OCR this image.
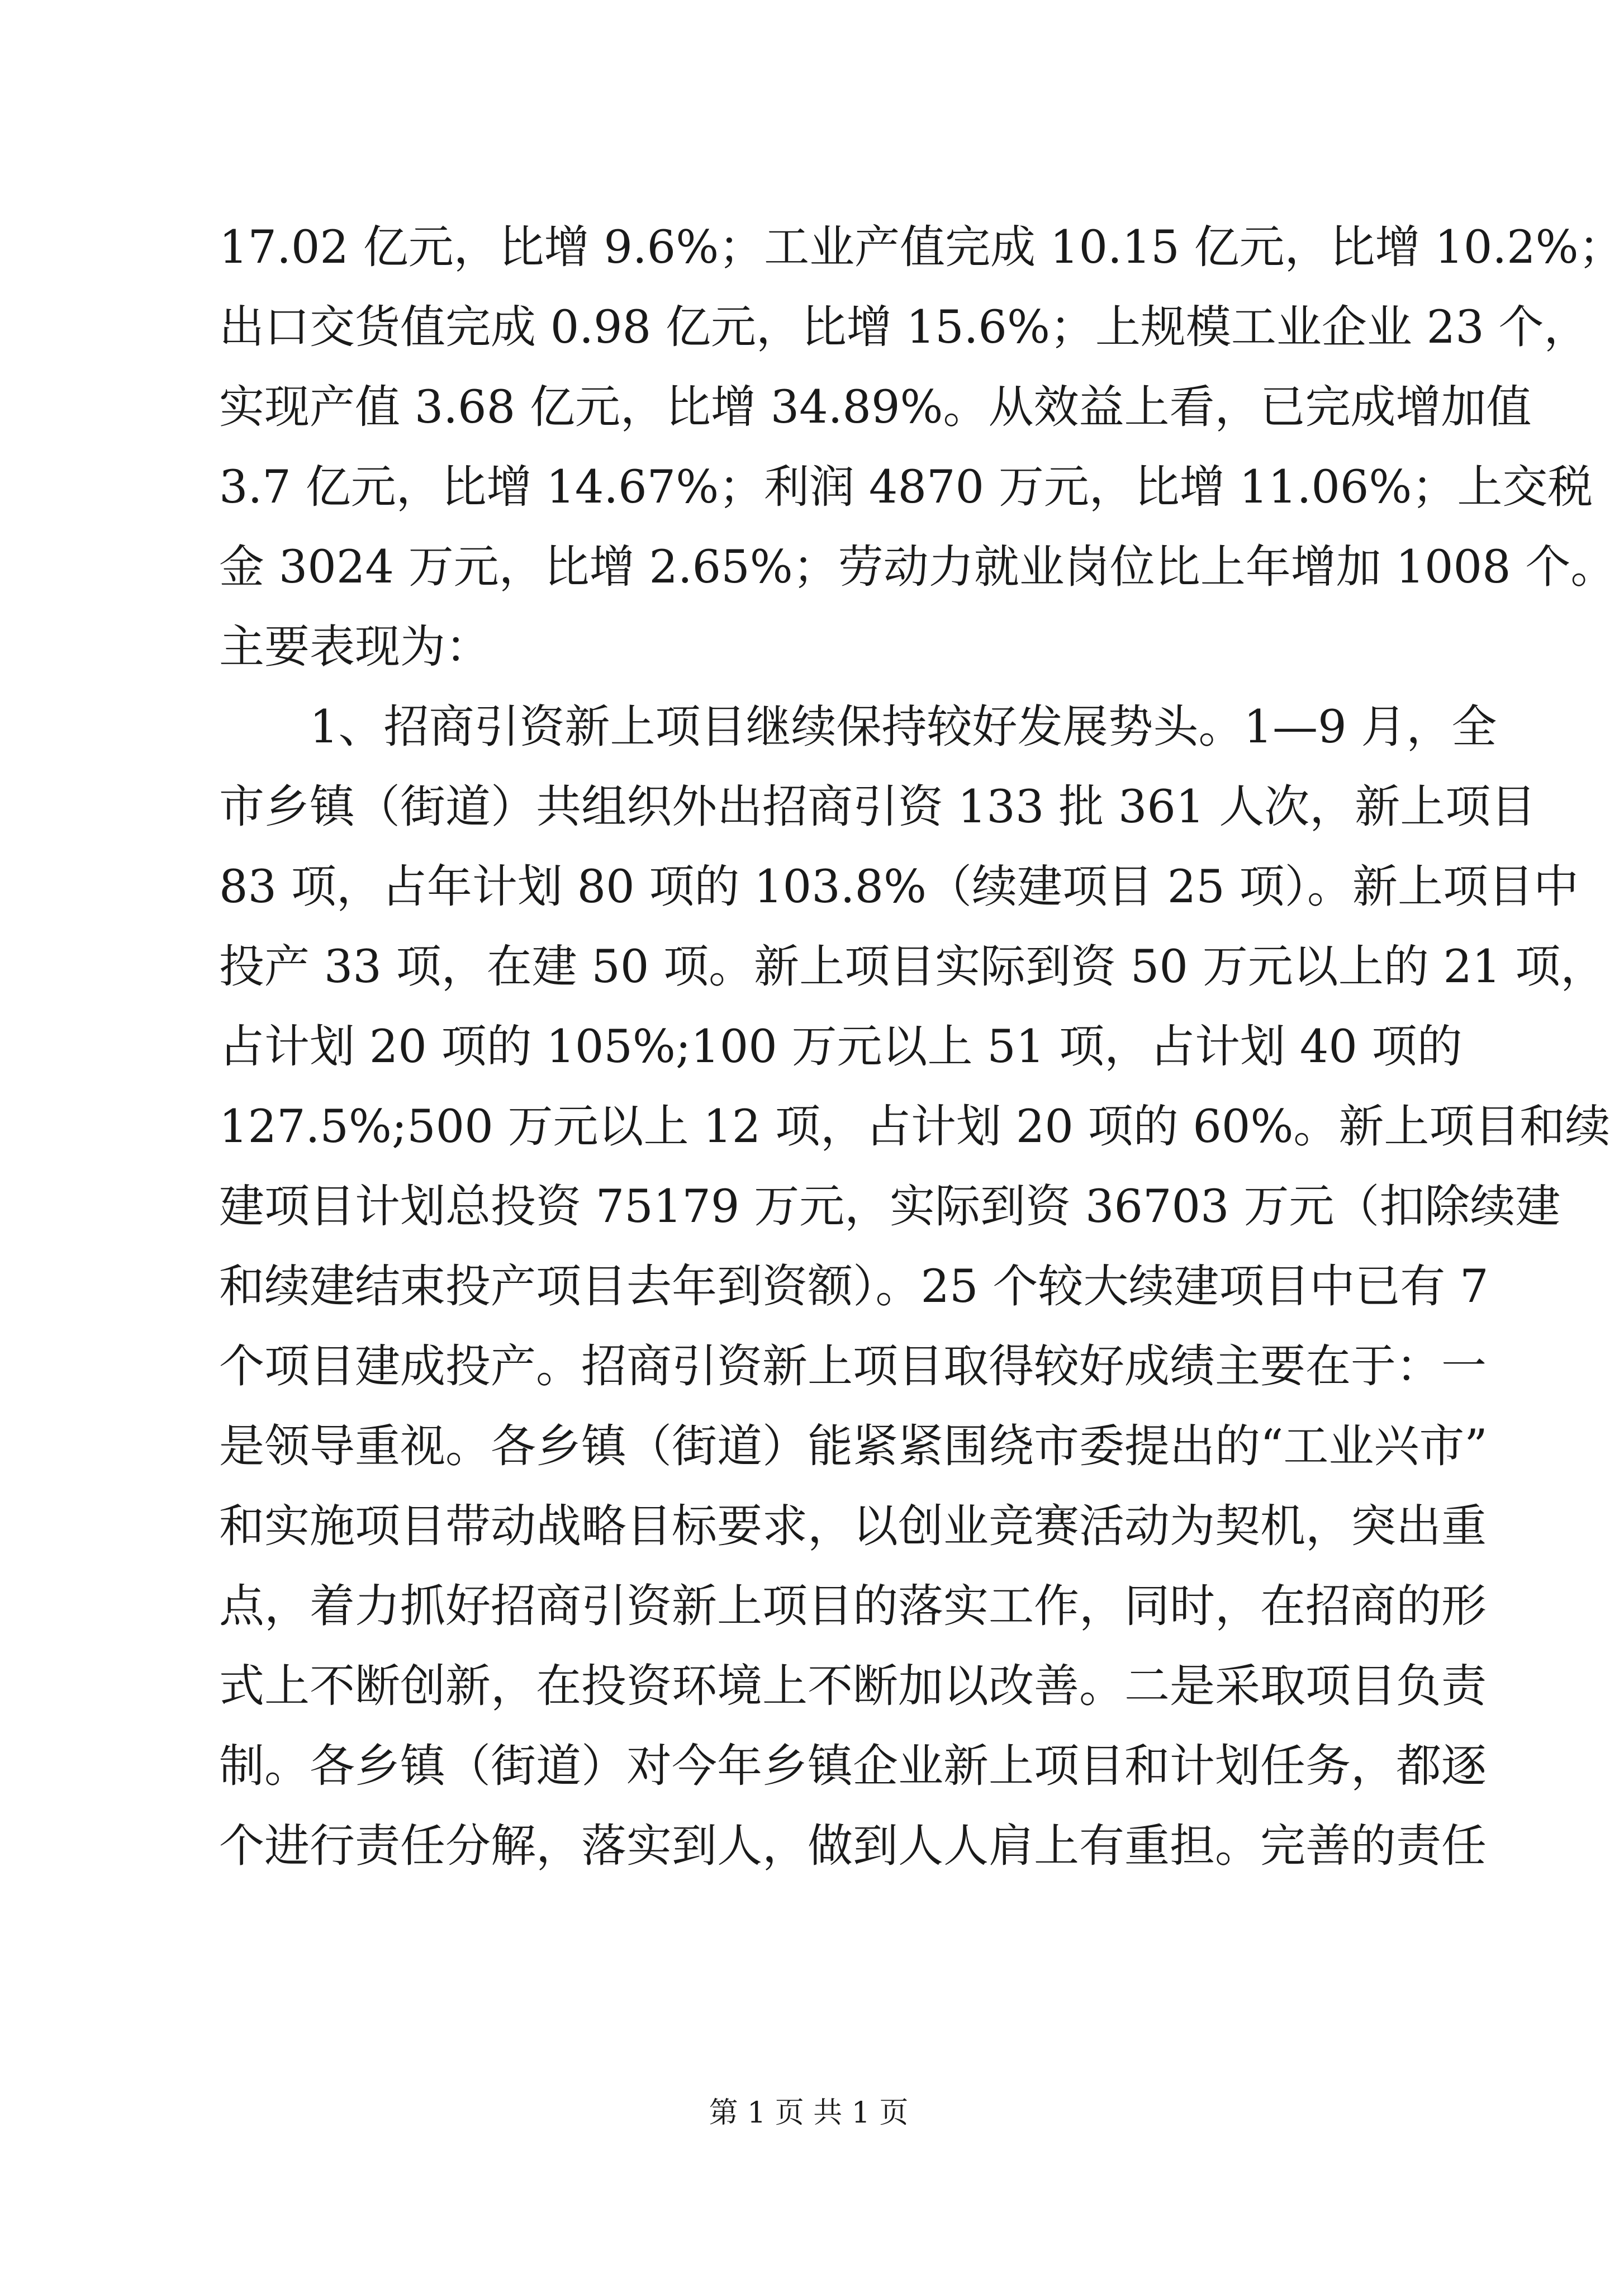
17.02 亿元，比增 9.6%；工业产值完成 10.15 亿元，比增 10.2%；
出口交货值完成 0.98 亿元，比增 15.6%；上规模工业企业 23 个，
实现产值 3.68 亿元，比增 34.89%。从效益上看，已完成增加值
3.7 亿元，比增 14.67%；利润 4870 万元，比增 11.06%；上交税
金 3024 万元，比增 2.65%；劳动力就业岗位比上年增加 1008 个。
主要表现为：
1、招商引资新上项目继续保持较好发展势头。1—9 月，全
市乡镇（街道）共组织外出招商引资 133 批 361 人次，新上项目
83 项，占年计划 80 项的 103.8%（续建项目 25 项）。新上项目中
投产 33 项，在建 50 项。新上项目实际到资 50 万元以上的 21 项，
占计划 20 项的 105%;100 万元以上 51 项，占计划 40 项的
127.5%;500 万元以上 12 项，占计划 20 项的 60%。新上项目和续
建项目计划总投资 75179 万元，实际到资 36703 万元（扣除续建
和续建结束投产项目去年到资额）。25 个较大续建项目中已有 7
个项目建成投产。招商引资新上项目取得较好成绩主要在于：一
是领导重视。各乡镇（街道）能紧紧围绕市委提出的“工业兴市”
和实施项目带动战略目标要求，以创业竞赛活动为契机，突出重
点，着力抓好招商引资新上项目的落实工作，同时，在招商的形
式上不断创新，在投资环境上不断加以改善。二是采取项目负责
制。各乡镇（街道）对今年乡镇企业新上项目和计划任务，都逐
个进行责任分解，落实到人，做到人人肩上有重担。完善的责任
第 1 页 共 1 页
